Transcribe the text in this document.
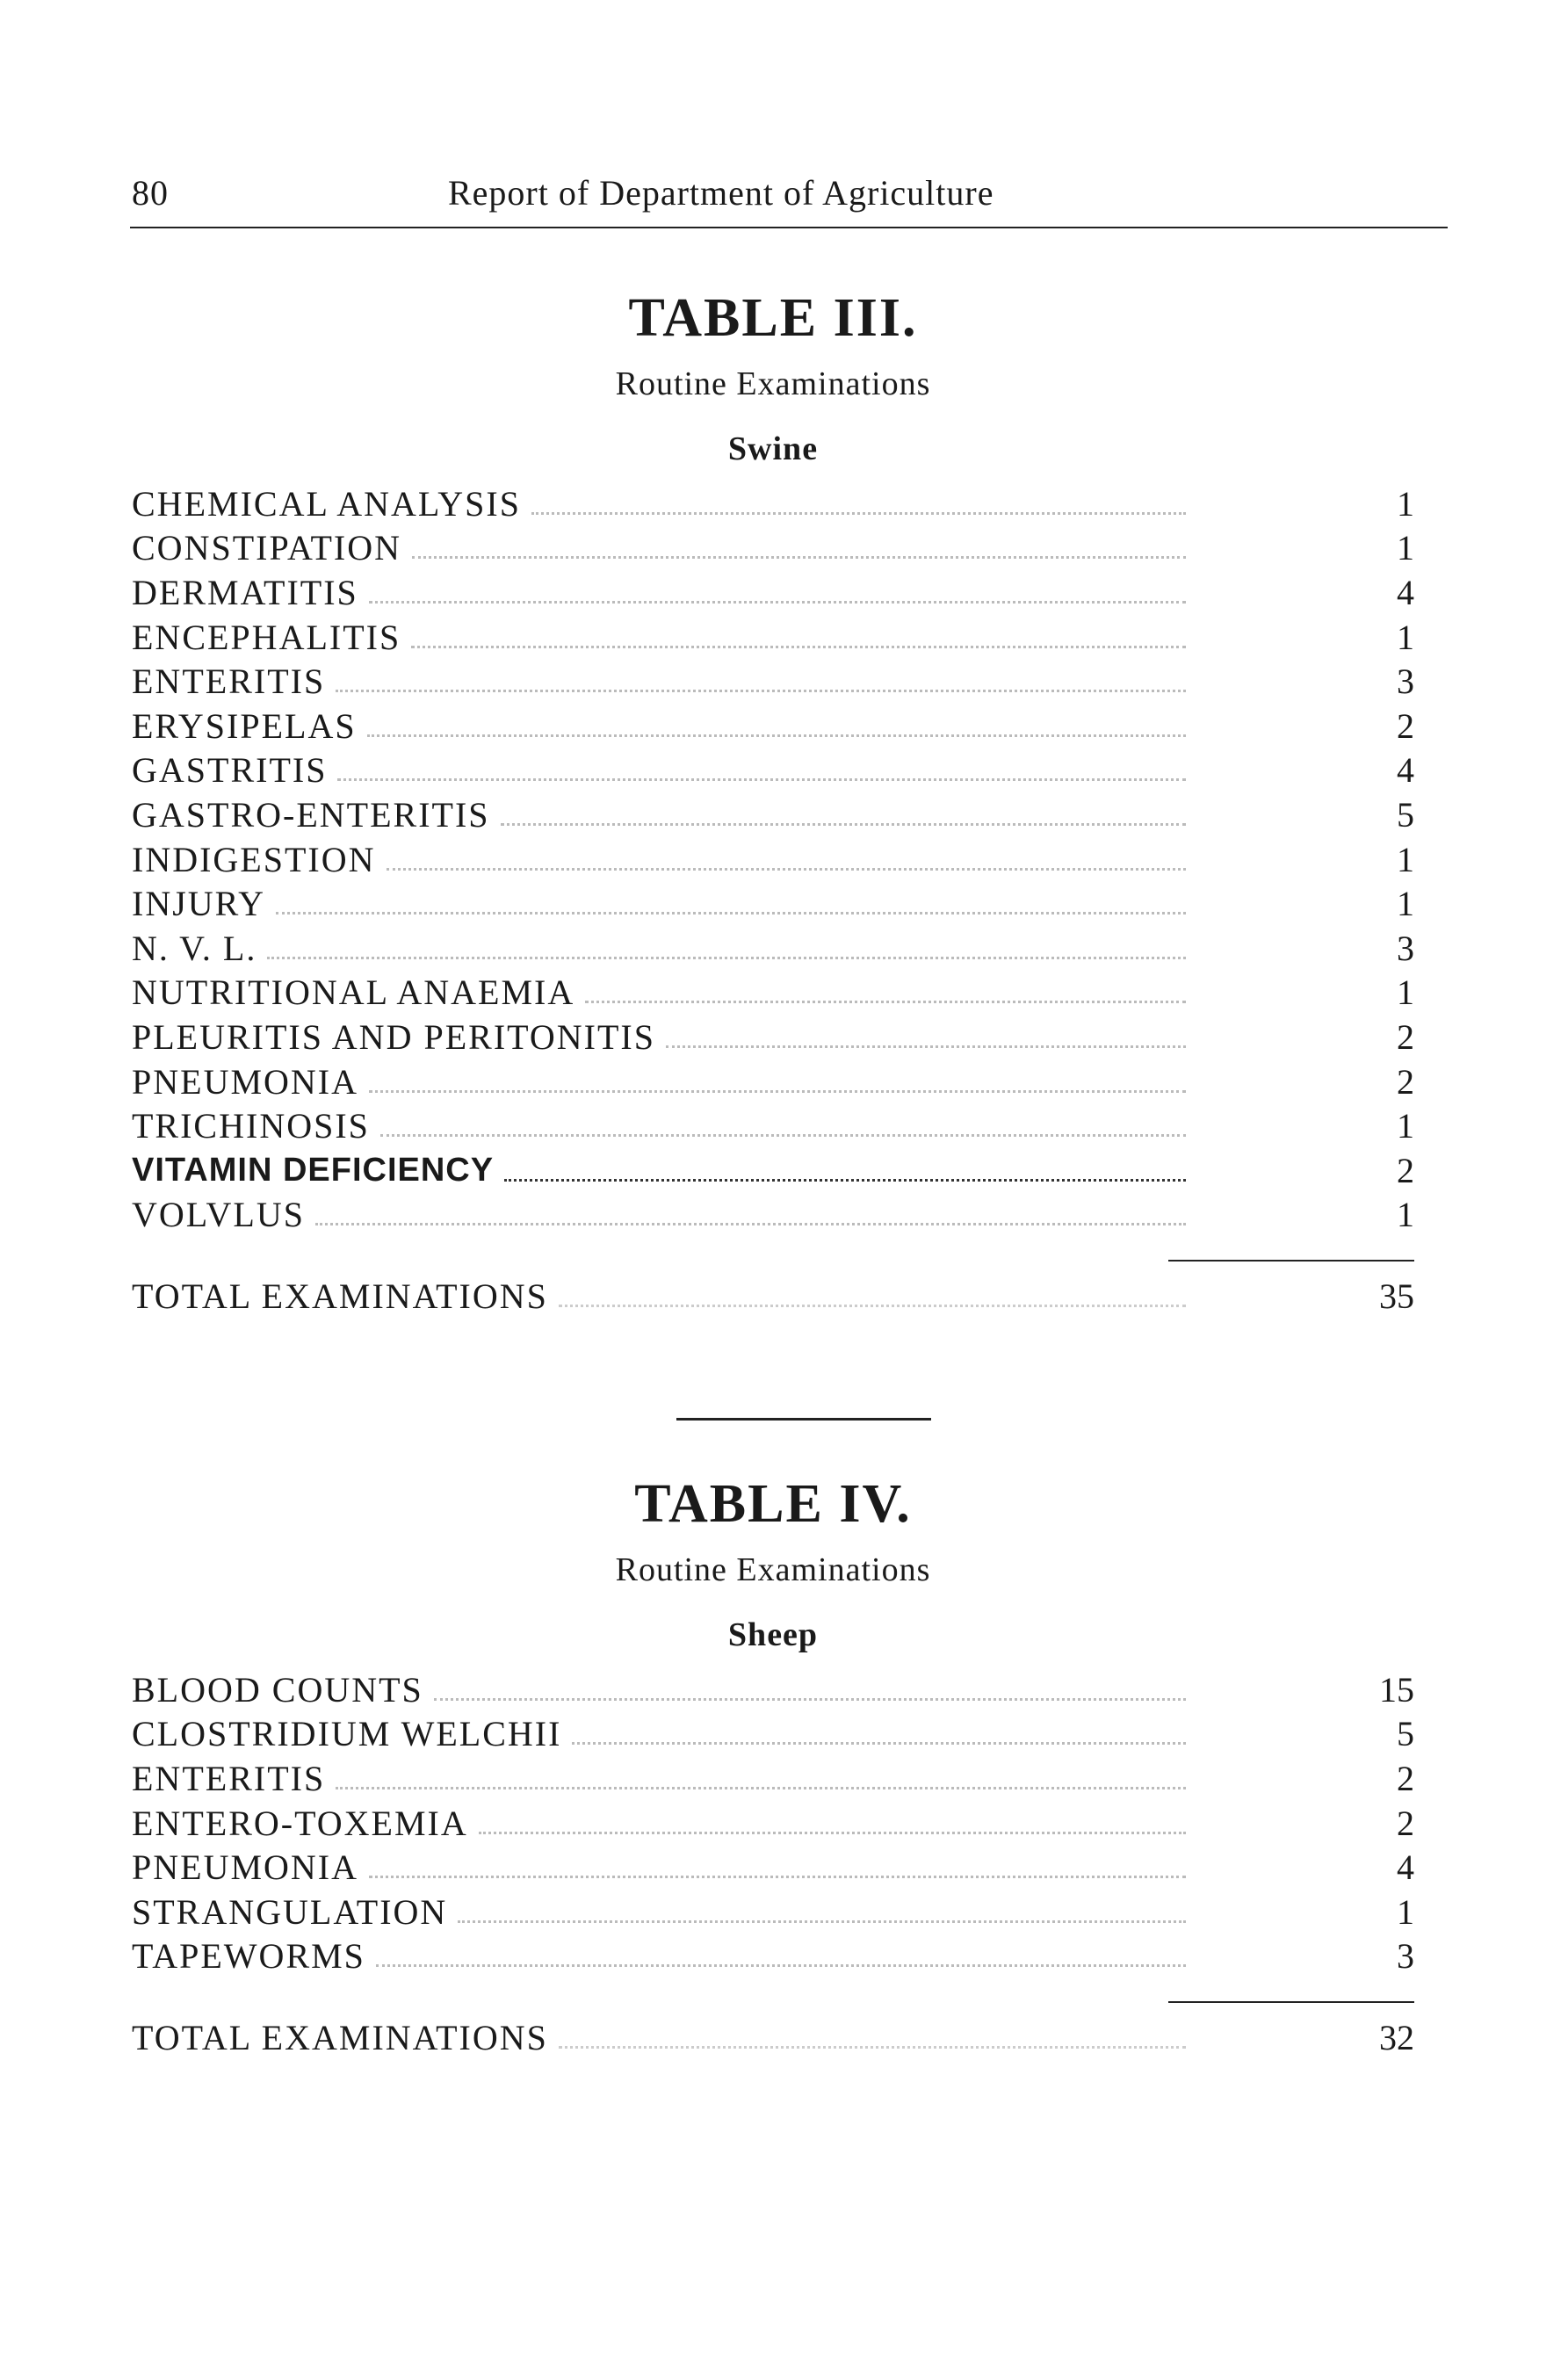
80	Report of Department of Agriculture
TABLE III.
Routine Examinations
Swine
CHEMICAL ANALYSIS	1
CONSTIPATION	1
DERMATITIS	4
ENCEPHALITIS	1
ENTERITIS	3
ERYSIPELAS	2
GASTRITIS	4
GASTRO-ENTERITIS	5
INDIGESTION	1
INJURY	1
N. V. L.	3
NUTRITIONAL ANAEMIA	1
PLEURITIS AND PERITONITIS	2
PNEUMONIA	2
TRICHINOSIS	1
VITAMIN DEFICIENCY	2
VOLVLUS	1
TOTAL EXAMINATIONS	35
TABLE IV.
Routine Examinations
Sheep
BLOOD COUNTS	15
CLOSTRIDIUM WELCHII	5
ENTERITIS	2
ENTERO-TOXEMIA	2
PNEUMONIA	4
STRANGULATION	1
TAPEWORMS	3
TOTAL EXAMINATIONS	32
